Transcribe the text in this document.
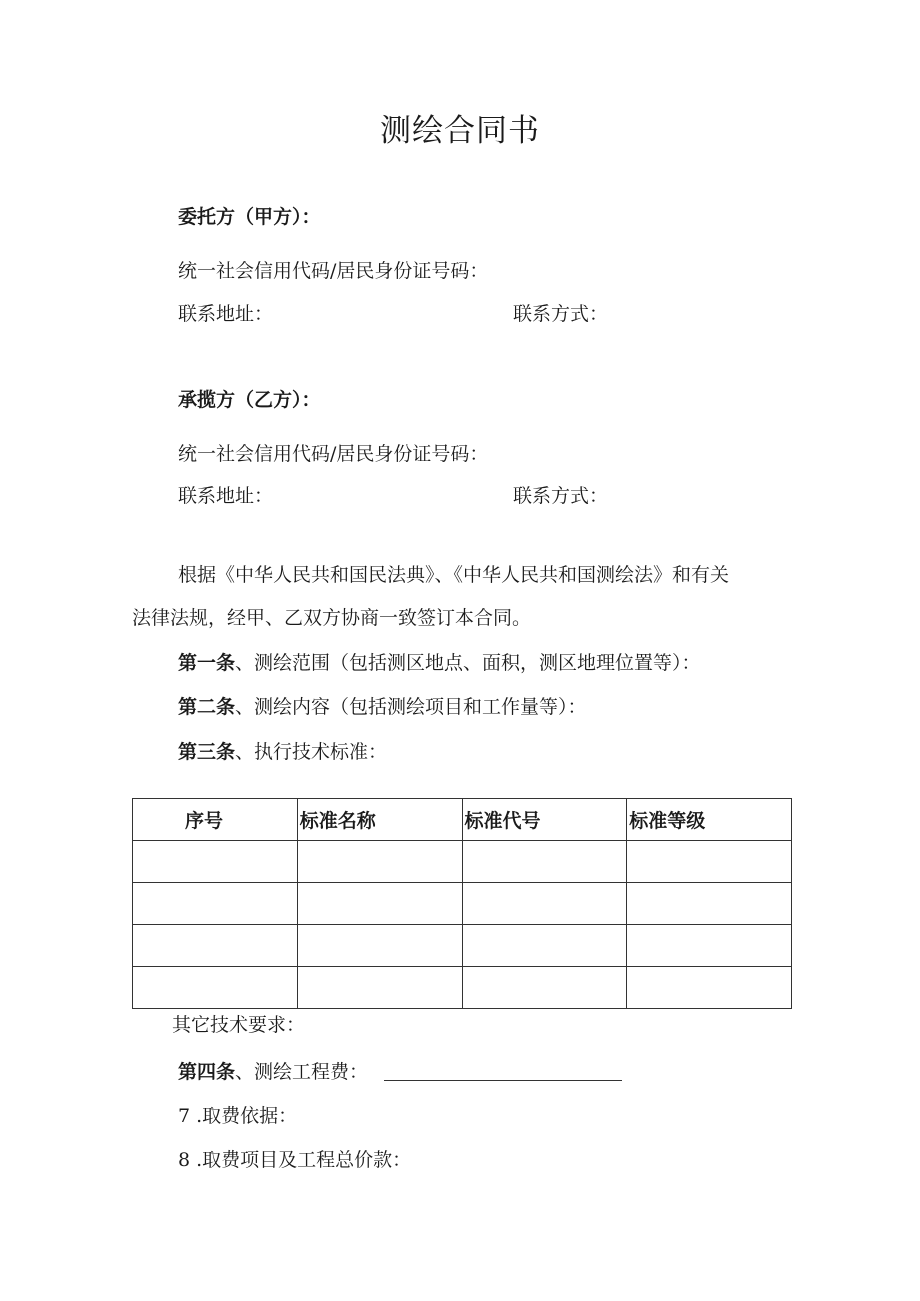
测绘合同书
委托方（甲方）：
统一社会信用代码/居民身份证号码：
联系地址：	联系方式：
承揽方（乙方）：
统一社会信用代码/居民身份证号码：
联系地址：	联系方式：
根据《中华人民共和国民法典》、《中华人民共和国测绘法》和有关
法律法规，经甲、乙双方协商一致签订本合同。
第一条、测绘范围（包括测区地点、面积，测区地理位置等）：
第二条、测绘内容（包括测绘项目和工作量等）：
第三条、执行技术标准：
序号	标准名称	标准代号	标准等级

其它技术要求：
第四条、测绘工程费：
7 .取费依据：
8 .取费项目及工程总价款：
